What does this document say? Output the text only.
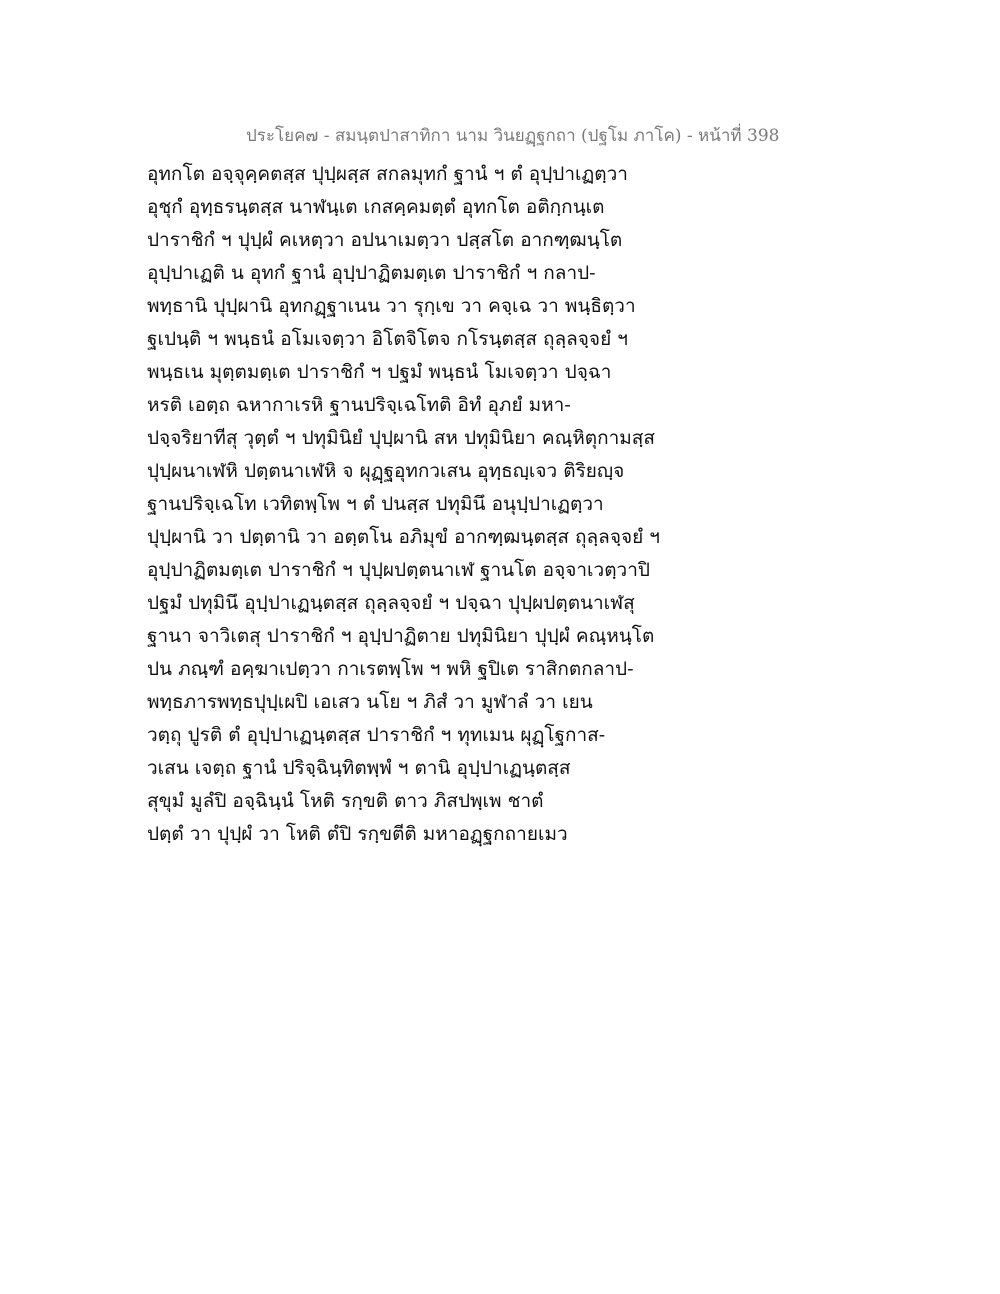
ประโยค๗ - สมนฺตปาสาทิกา นาม วินยฏฺฐกถา (ปฐโม ภาโค) - หน้าที่ 398
อุทกโต อจฺจุคฺคตสฺส ปุปฺผสฺส สกลมุทกํ ฐานํ ฯ ตํ อุปฺปาเฏตฺวา
อุชุกํ อุทฺธรนฺตสฺส นาฬนฺเต เกสคฺคมตฺตํ อุทกโต อติกฺกนฺเต
ปาราชิกํ ฯ ปุปฺผํ คเหตฺวา อปนาเมตฺวา ปสฺสโต อากฑฺฒนฺโต
อุปฺปาเฏติ น อุทกํ ฐานํ อุปฺปาฏิตมตฺเต ปาราชิกํ ฯ กลาป-
พทฺธานิ ปุปฺผานิ อุทกฏฺฐาเนน วา รุกฺเข วา คจฺเฉ วา พนฺธิตฺวา
ฐเปนฺติ ฯ พนฺธนํ อโมเจตฺวา อิโตจิโตจ กโรนฺตสฺส ถุลฺลจฺจยํ ฯ
พนฺธเน มุตฺตมตฺเต ปาราชิกํ ฯ ปฐมํ พนฺธนํ โมเจตฺวา ปจฺฉา
หรติ เอตฺถ ฉหากาเรหิ ฐานปริจฺเฉโทติ อิทํ อุภยํ มหา-
ปจฺจริยาทีสุ วุตฺตํ ฯ ปทุมินิยํ ปุปฺผานิ สห ปทุมินิยา คณฺหิตุกามสฺส
ปุปฺผนาเฬหิ ปตฺตนาเฬหิ จ ผุฏฺฐอุทกวเสน อุทฺธญฺเจว ติริยญฺจ
ฐานปริจฺเฉโท เวทิตพฺโพ ฯ ตํ ปนสฺส ปทุมินึ อนุปฺปาเฏตฺวา
ปุปฺผานิ วา ปตฺตานิ วา อตฺตโน อภิมุขํ อากฑฺฒนฺตสฺส ถุลฺลจฺจยํ ฯ
อุปฺปาฏิตมตฺเต ปาราชิกํ ฯ ปุปฺผปตฺตนาเฬ ฐานโต อจฺจาเวตฺวาปิ
ปฐมํ ปทุมินึ อุปฺปาเฏนฺตสฺส ถุลฺลจฺจยํ ฯ ปจฺฉา ปุปฺผปตฺตนาเฬสุ
ฐานา จาวิเตสุ ปาราชิกํ ฯ อุปฺปาฏิตาย ปทุมินิยา ปุปฺผํ คณฺหนฺโต
ปน ภณฺฑํ อคฺฆาเปตฺวา กาเรตพฺโพ ฯ พหิ ฐปิเต ราสิกตกลาป-
พทฺธภารพทฺธปุปฺเผปิ เอเสว นโย ฯ ภิสํ วา มูฬาลํ วา เยน
วตฺถุ ปูรติ ตํ อุปฺปาเฏนฺตสฺส ปาราชิกํ ฯ ทุทเมน ผุฏฺโฐกาส-
วเสน เจตฺถ ฐานํ ปริจฺฉินฺทิตพฺพํ ฯ ตานิ อุปฺปาเฏนฺตสฺส
สุขุมํ มูลํปิ อจฺฉินฺนํ โหติ รกฺขติ ตาว ภิสปพฺเพ ชาตํ
ปตฺตํ วา ปุปฺผํ วา โหติ ตํปิ รกฺขตีติ มหาอฏฺฐกถายเมว
